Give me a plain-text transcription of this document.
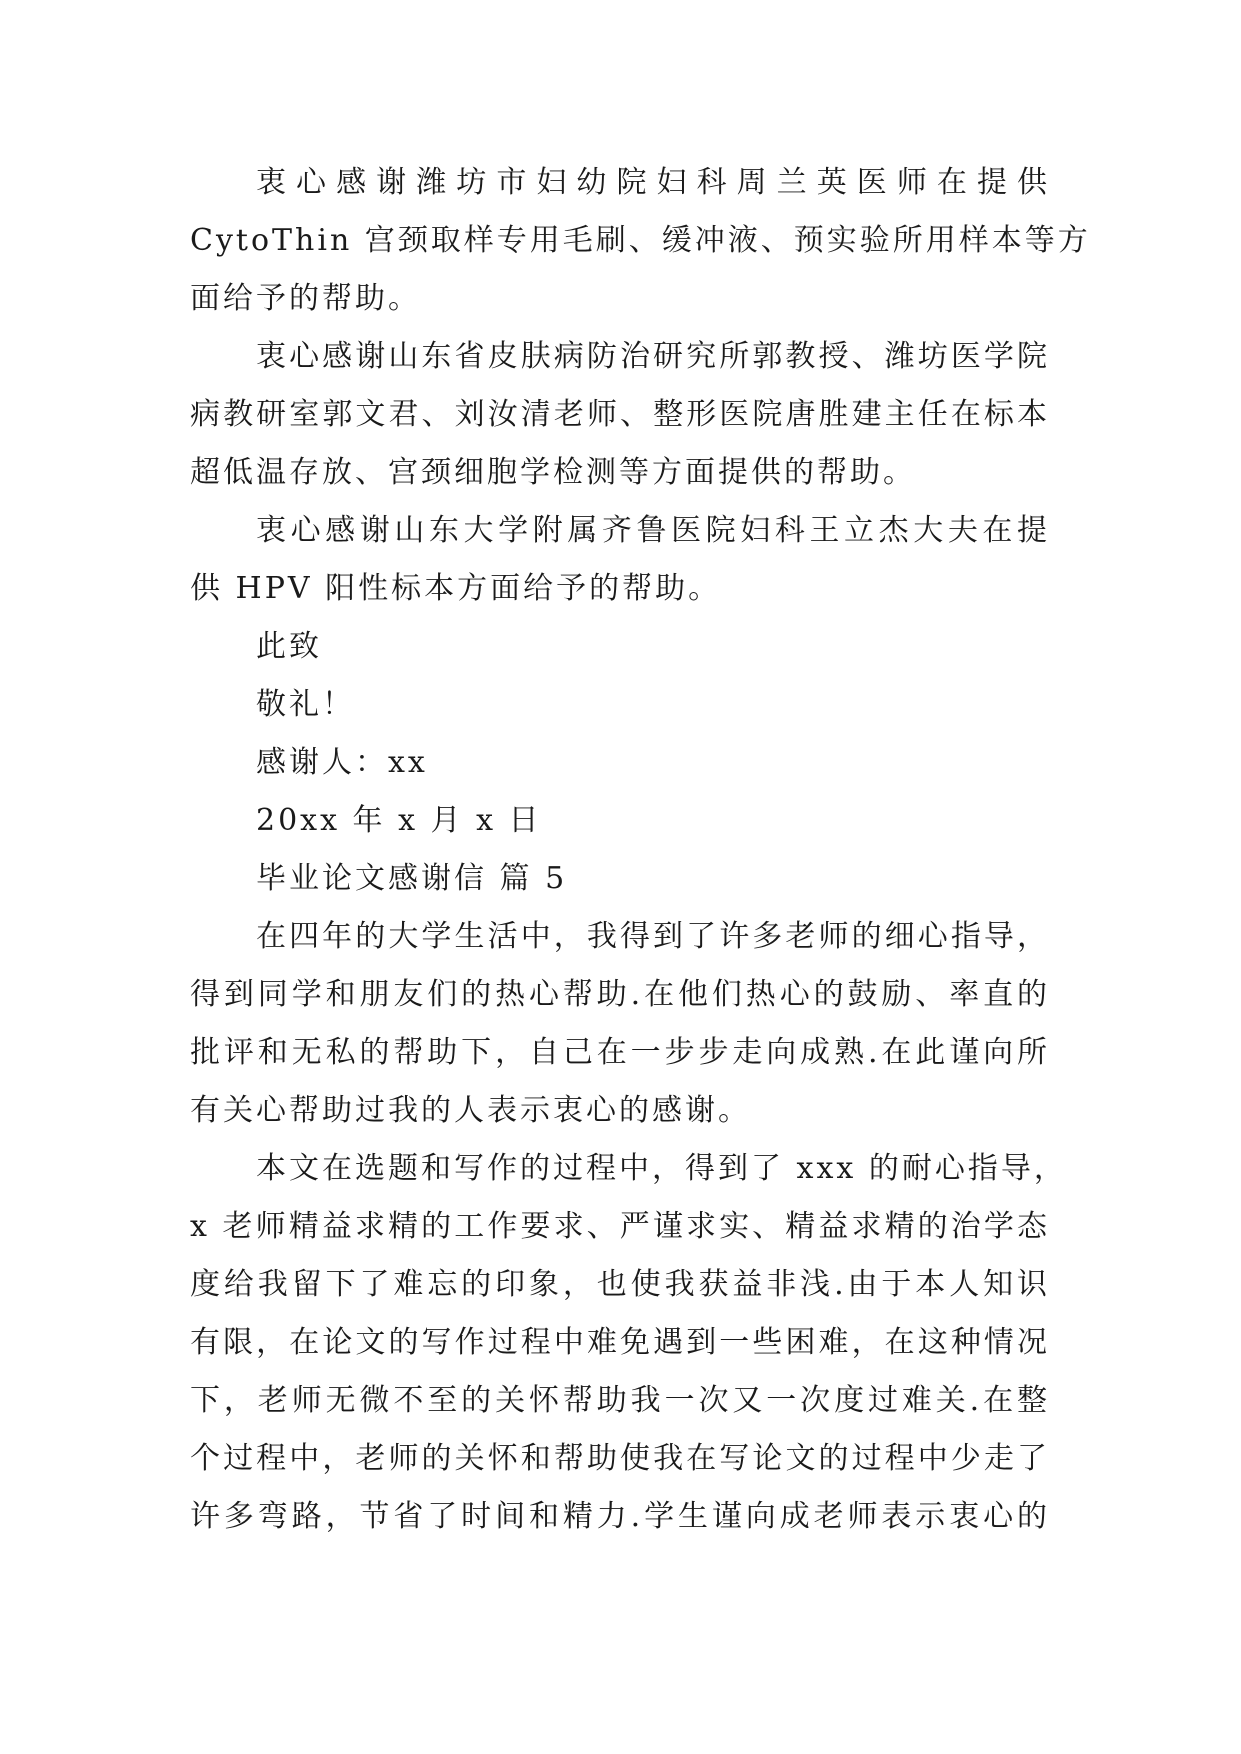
衷心感谢潍坊市妇幼院妇科周兰英医师在提供
CytoThin 宫颈取样专用毛刷、缓冲液、预实验所用样本等方
面给予的帮助。
衷心感谢山东省皮肤病防治研究所郭教授、潍坊医学院
病教研室郭文君、刘汝清老师、整形医院唐胜建主任在标本
超低温存放、宫颈细胞学检测等方面提供的帮助。
衷心感谢山东大学附属齐鲁医院妇科王立杰大夫在提
供 HPV 阳性标本方面给予的帮助。
此致
敬礼！
感谢人：xx
20xx 年 x 月 x 日
毕业论文感谢信 篇 5
在四年的大学生活中，我得到了许多老师的细心指导，
得到同学和朋友们的热心帮助.在他们热心的鼓励、率直的
批评和无私的帮助下，自己在一步步走向成熟.在此谨向所
有关心帮助过我的人表示衷心的感谢。
本文在选题和写作的过程中，得到了 xxx 的耐心指导，
x 老师精益求精的工作要求、严谨求实、精益求精的治学态
度给我留下了难忘的印象，也使我获益非浅.由于本人知识
有限，在论文的写作过程中难免遇到一些困难，在这种情况
下，老师无微不至的关怀帮助我一次又一次度过难关.在整
个过程中，老师的关怀和帮助使我在写论文的过程中少走了
许多弯路，节省了时间和精力.学生谨向成老师表示衷心的
